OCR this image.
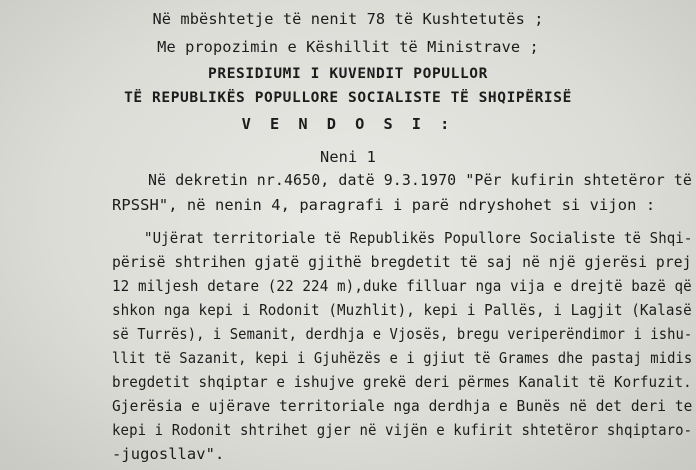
Në mbështetje të nenit 78 të Kushtetutës ;
Me propozimin e Këshillit të Ministrave ;
PRESIDIUMI I KUVENDIT POPULLOR
TË REPUBLIKËS POPULLORE SOCIALISTE TË SHQIPËRISË
V E N D O S I :
Neni 1
Në dekretin nr.4650, datë 9.3.1970 "Për kufirin shtetëror të
RPSSH", në nenin 4, paragrafi i parë ndryshohet si vijon :
"Ujërat territoriale të Republikës Popullore Socialiste të Shqi-
përisë shtrihen gjatë gjithë bregdetit të saj në një gjerësi prej
12 miljesh detare (22 224 m),duke filluar nga vija e drejtë bazë që
shkon nga kepi i Rodonit (Muzhlit), kepi i Pallës, i Lagjit (Kalasë
së Turrës), i Semanit, derdhja e Vjosës, bregu veriperëndimor i ishu-
llit të Sazanit, kepi i Gjuhëzës e i gjiut të Grames dhe pastaj midis
bregdetit shqiptar e ishujve grekë deri përmes Kanalit të Korfuzit.
Gjerësia e ujërave territoriale nga derdhja e Bunës në det deri te
kepi i Rodonit shtrihet gjer në vijën e kufirit shtetëror shqiptaro-
-jugosllav".
